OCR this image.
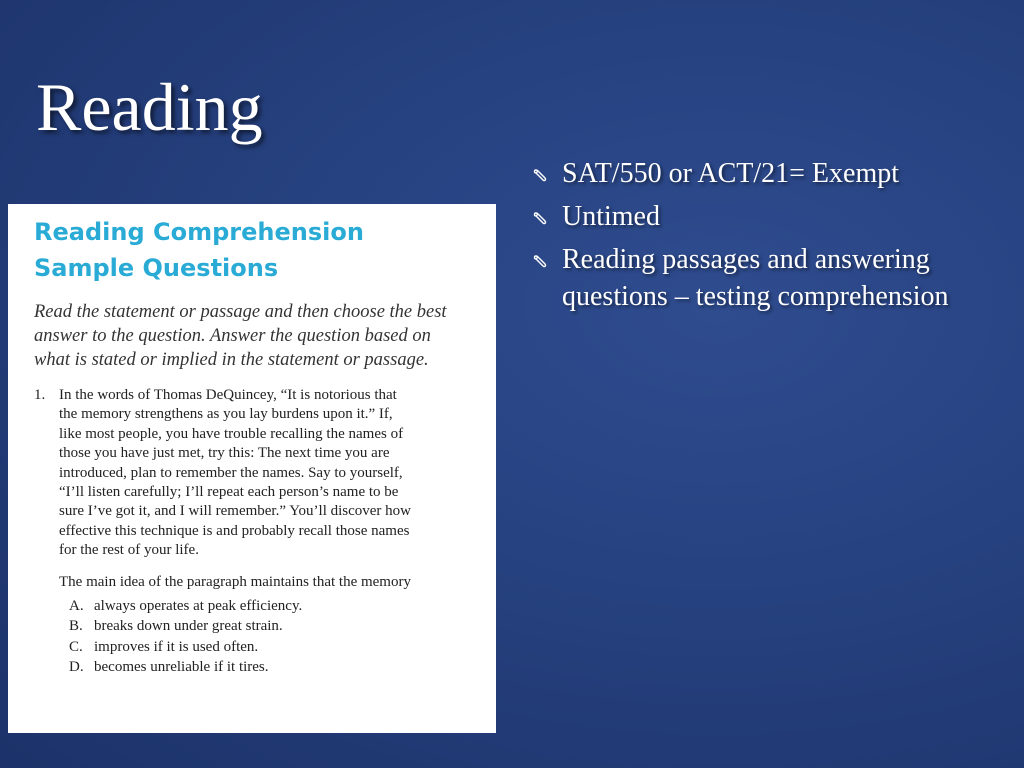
Reading
SAT/550 or ACT/21= Exempt
Untimed
Reading passages and answering questions – testing comprehension
Reading Comprehension
Sample Questions

Read the statement or passage and then choose the best answer to the question. Answer the question based on what is stated or implied in the statement or passage.

1. In the words of Thomas DeQuincey, “It is notorious that
the memory strengthens as you lay burdens upon it.” If,
like most people, you have trouble recalling the names of
those you have just met, try this: The next time you are
introduced, plan to remember the names. Say to yourself,
“I’ll listen carefully; I’ll repeat each person’s name to be
sure I’ve got it, and I will remember.” You’ll discover how
effective this technique is and probably recall those names
for the rest of your life.

The main idea of the paragraph maintains that the memory

A. always operates at peak efficiency.
B. breaks down under great strain.
C. improves if it is used often.
D. becomes unreliable if it tires.
